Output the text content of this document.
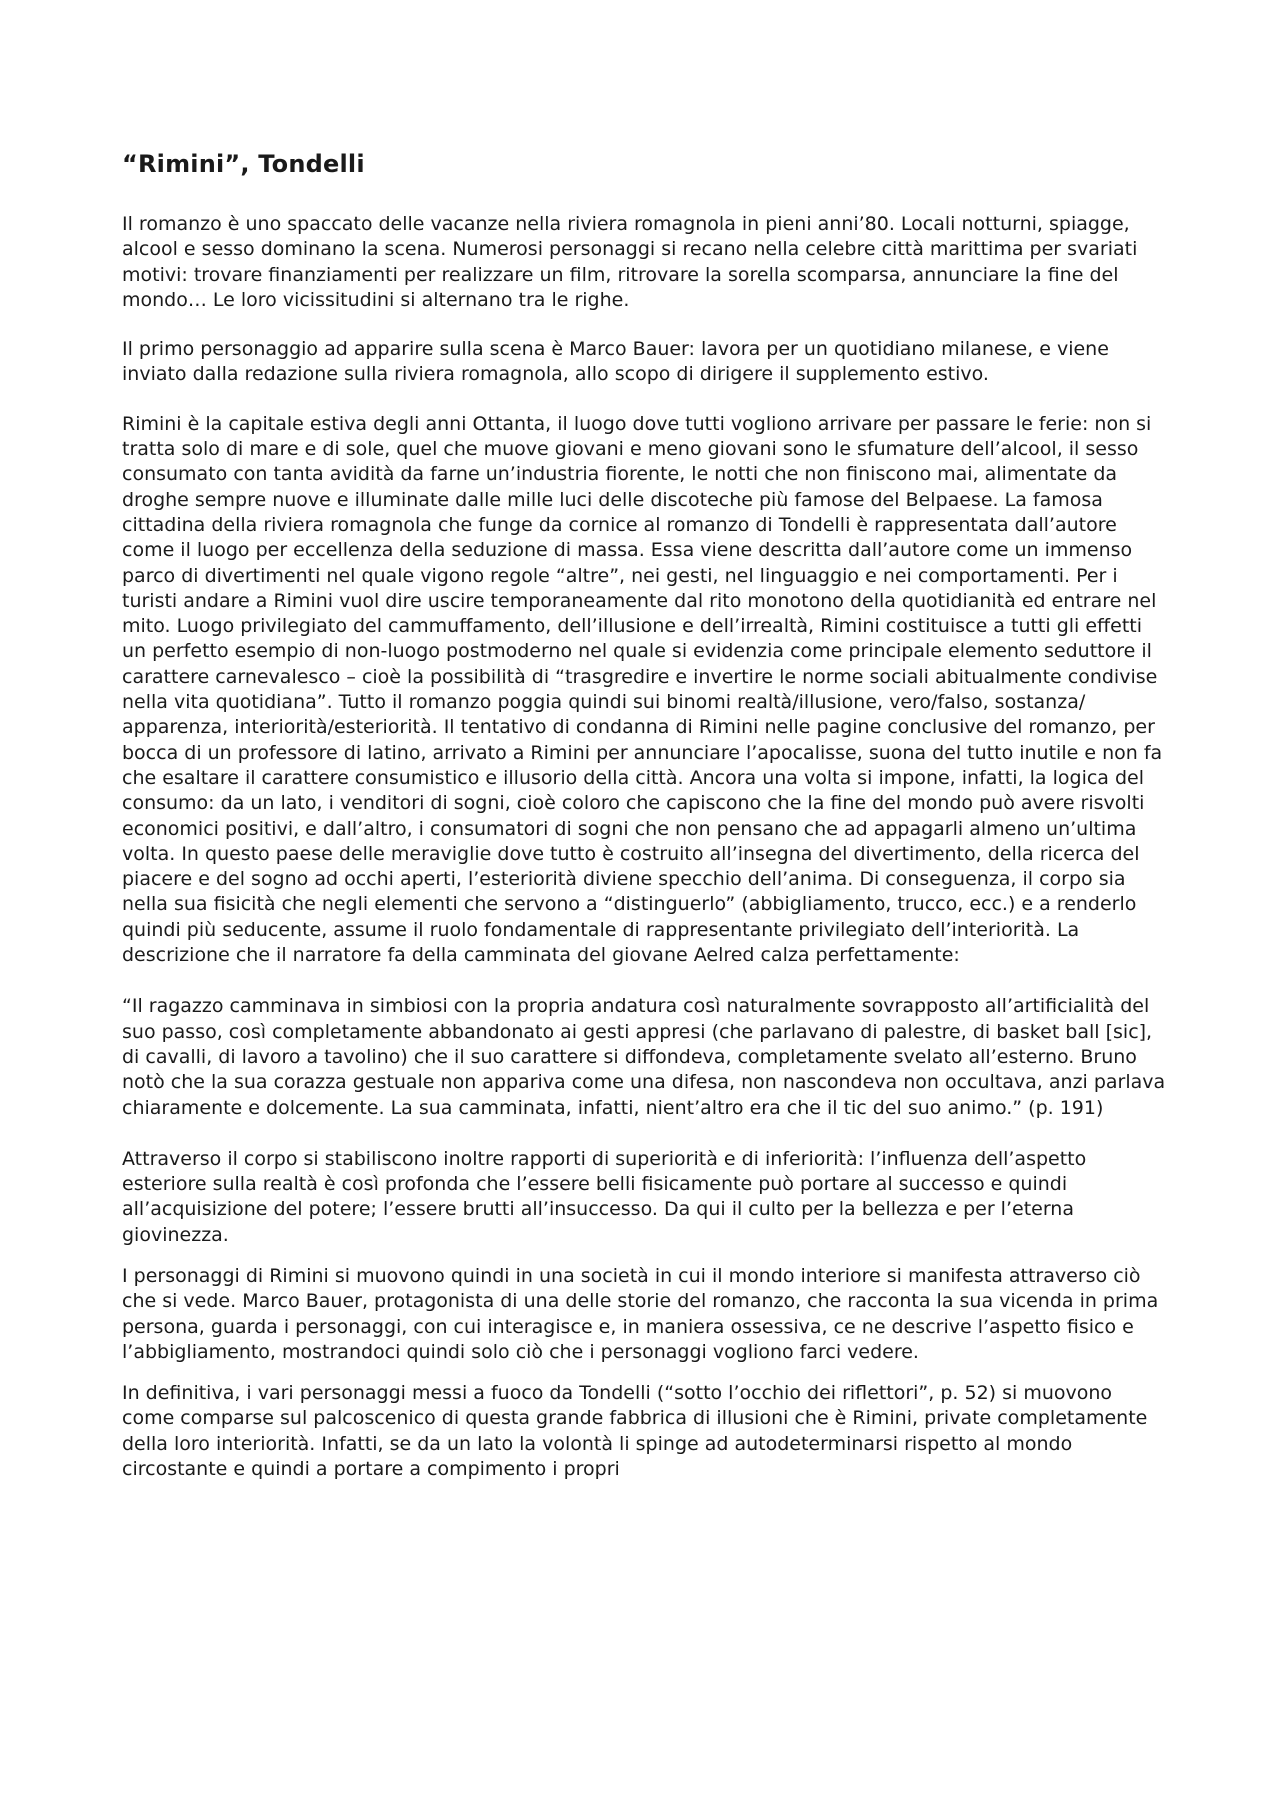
“Rimini”, Tondelli

Il romanzo è uno spaccato delle vacanze nella riviera romagnola in pieni anni’80. Locali notturni, spiagge, alcool e sesso dominano la scena. Numerosi personaggi si recano nella celebre città marittima per svariati motivi: trovare finanziamenti per realizzare un film, ritrovare la sorella scomparsa, annunciare la fine del mondo… Le loro vicissitudini si alternano tra le righe.

Il primo personaggio ad apparire sulla scena è Marco Bauer: lavora per un quotidiano milanese, e viene inviato dalla redazione sulla riviera romagnola, allo scopo di dirigere il supplemento estivo.

Rimini è la capitale estiva degli anni Ottanta, il luogo dove tutti vogliono arrivare per passare le ferie: non si tratta solo di mare e di sole, quel che muove giovani e meno giovani sono le sfumature dell’alcool, il sesso consumato con tanta avidità da farne un’industria fiorente, le notti che non finiscono mai, alimentate da droghe sempre nuove e illuminate dalle mille luci delle discoteche più famose del Belpaese. La famosa cittadina della riviera romagnola che funge da cornice al romanzo di Tondelli è rappresentata dall’autore come il luogo per eccellenza della seduzione di massa. Essa viene descritta dall’autore come un immenso parco di divertimenti nel quale vigono regole “altre”, nei gesti, nel linguaggio e nei comportamenti. Per i turisti andare a Rimini vuol dire uscire temporaneamente dal rito monotono della quotidianità ed entrare nel mito. Luogo privilegiato del cammuffamento, dell’illusione e dell’irrealtà, Rimini costituisce a tutti gli effetti un perfetto esempio di non-luogo postmoderno nel quale si evidenzia come principale elemento seduttore il carattere carnevalesco – cioè la possibilità di “trasgredire e invertire le norme sociali abitualmente condivise nella vita quotidiana”. Tutto il romanzo poggia quindi sui binomi realtà/illusione, vero/falso, sostanza/ apparenza, interiorità/esteriorità. Il tentativo di condanna di Rimini nelle pagine conclusive del romanzo, per bocca di un professore di latino, arrivato a Rimini per annunciare l’apocalisse, suona del tutto inutile e non fa che esaltare il carattere consumistico e illusorio della città. Ancora una volta si impone, infatti, la logica del consumo: da un lato, i venditori di sogni, cioè coloro che capiscono che la fine del mondo può avere risvolti economici positivi, e dall’altro, i consumatori di sogni che non pensano che ad appagarli almeno un’ultima volta. In questo paese delle meraviglie dove tutto è costruito all’insegna del divertimento, della ricerca del piacere e del sogno ad occhi aperti, l’esteriorità diviene specchio dell’anima. Di conseguenza, il corpo sia nella sua fisicità che negli elementi che servono a “distinguerlo” (abbigliamento, trucco, ecc.) e a renderlo quindi più seducente, assume il ruolo fondamentale di rappresentante privilegiato dell’interiorità. La descrizione che il narratore fa della camminata del giovane Aelred calza perfettamente:

“Il ragazzo camminava in simbiosi con la propria andatura così naturalmente sovrapposto all’artificialità del suo passo, così completamente abbandonato ai gesti appresi (che parlavano di palestre, di basket ball [sic], di cavalli, di lavoro a tavolino) che il suo carattere si diffondeva, completamente svelato all’esterno. Bruno notò che la sua corazza gestuale non appariva come una difesa, non nascondeva non occultava, anzi parlava chiaramente e dolcemente. La sua camminata, infatti, nient’altro era che il tic del suo animo.” (p. 191)

Attraverso il corpo si stabiliscono inoltre rapporti di superiorità e di inferiorità: l’influenza dell’aspetto esteriore sulla realtà è così profonda che l’essere belli fisicamente può portare al successo e quindi all’acquisizione del potere; l’essere brutti all’insuccesso. Da qui il culto per la bellezza e per l’eterna giovinezza.

I personaggi di Rimini si muovono quindi in una società in cui il mondo interiore si manifesta attraverso ciò che si vede. Marco Bauer, protagonista di una delle storie del romanzo, che racconta la sua vicenda in prima persona, guarda i personaggi, con cui interagisce e, in maniera ossessiva, ce ne descrive l’aspetto fisico e l’abbigliamento, mostrandoci quindi solo ciò che i personaggi vogliono farci vedere.

In definitiva, i vari personaggi messi a fuoco da Tondelli (“sotto l’occhio dei riflettori”, p. 52) si muovono come comparse sul palcoscenico di questa grande fabbrica di illusioni che è Rimini, private completamente della loro interiorità. Infatti, se da un lato la volontà li spinge ad autodeterminarsi rispetto al mondo circostante e quindi a portare a compimento i propri
